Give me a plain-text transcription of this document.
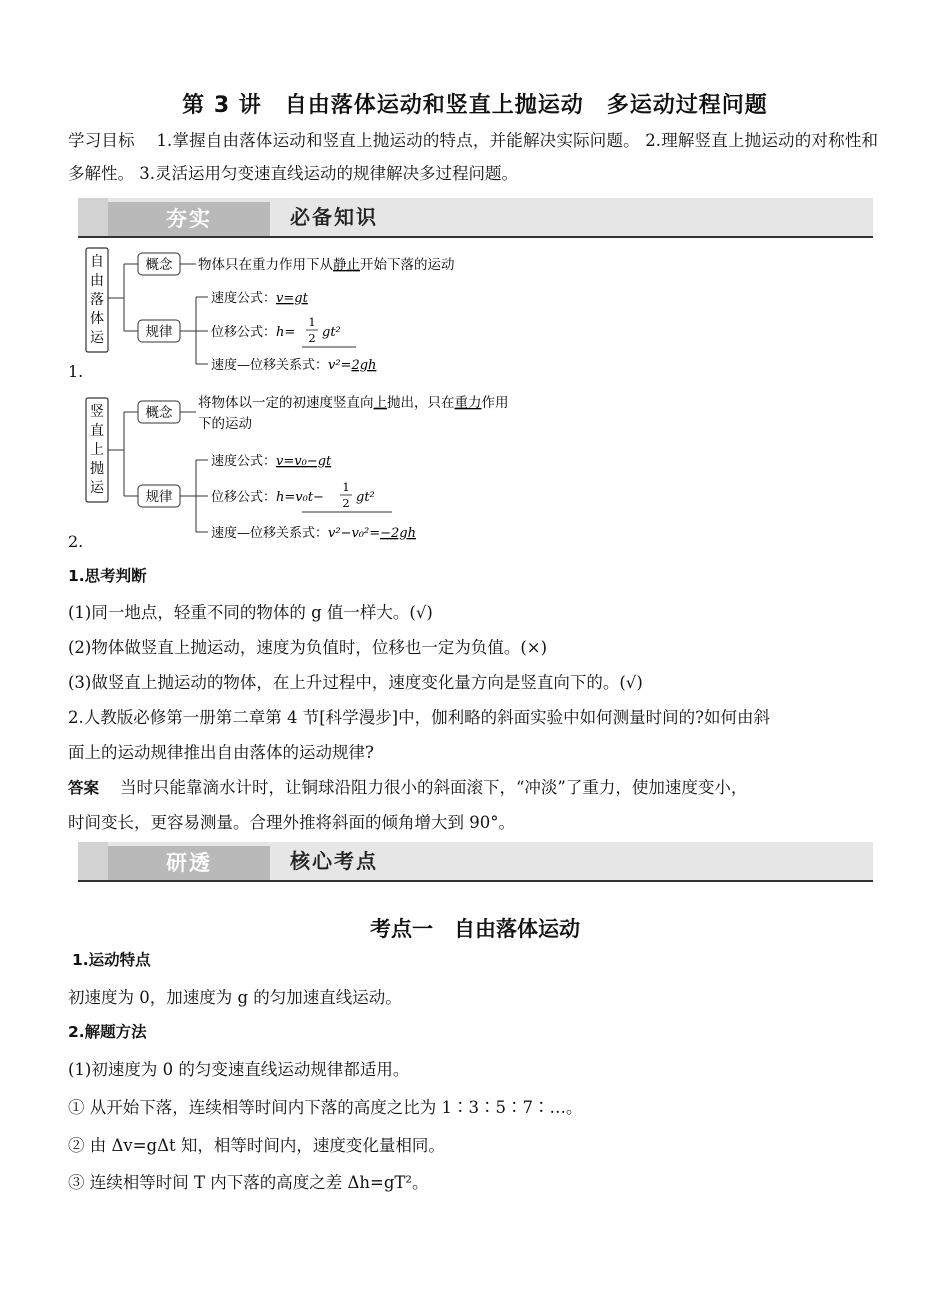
第 3 讲　自由落体运动和竖直上抛运动　多运动过程问题
学习目标 1.掌握自由落体运动和竖直上抛运动的特点，并能解决实际问题。 2.理解竖直上抛运动的对称性和多解性。 3.灵活运用匀变速直线运动的规律解决多过程问题。
夯实	必备知识
自
由
落
体
运
概念 物体只在重力作用下从静止开始下落的运动
规律
速度公式：v=gt
位移公式：h=
1
2 gt²
速度—位移关系式：v²=2gh
1.
竖
直
上
抛
运
概念
将物体以一定的初速度竖直向上抛出，只在重力作用
下的运动
规律
速度公式：v=v₀−gt
位移公式：h=v₀t−
1
2 gt²
速度—位移关系式：v²−v₀²=−2gh
2.
1.思考判断
(1)同一地点，轻重不同的物体的 g 值一样大。(√)
(2)物体做竖直上抛运动，速度为负值时，位移也一定为负值。(×)
(3)做竖直上抛运动的物体，在上升过程中，速度变化量方向是竖直向下的。(√)
2.人教版必修第一册第二章第 4 节[科学漫步]中，伽利略的斜面实验中如何测量时间的?如何由斜
面上的运动规律推出自由落体的运动规律?
答案 当时只能靠滴水计时，让铜球沿阻力很小的斜面滚下，“冲淡”了重力，使加速度变小，
时间变长，更容易测量。合理外推将斜面的倾角增大到 90°。
研透	核心考点
考点一　自由落体运动
1.运动特点
初速度为 0，加速度为 g 的匀加速直线运动。
2.解题方法
(1)初速度为 0 的匀变速直线运动规律都适用。
① 从开始下落，连续相等时间内下落的高度之比为 1∶3∶5∶7∶…。
② 由 Δv=gΔt 知，相等时间内，速度变化量相同。
③ 连续相等时间 T 内下落的高度之差 Δh=gT²。
